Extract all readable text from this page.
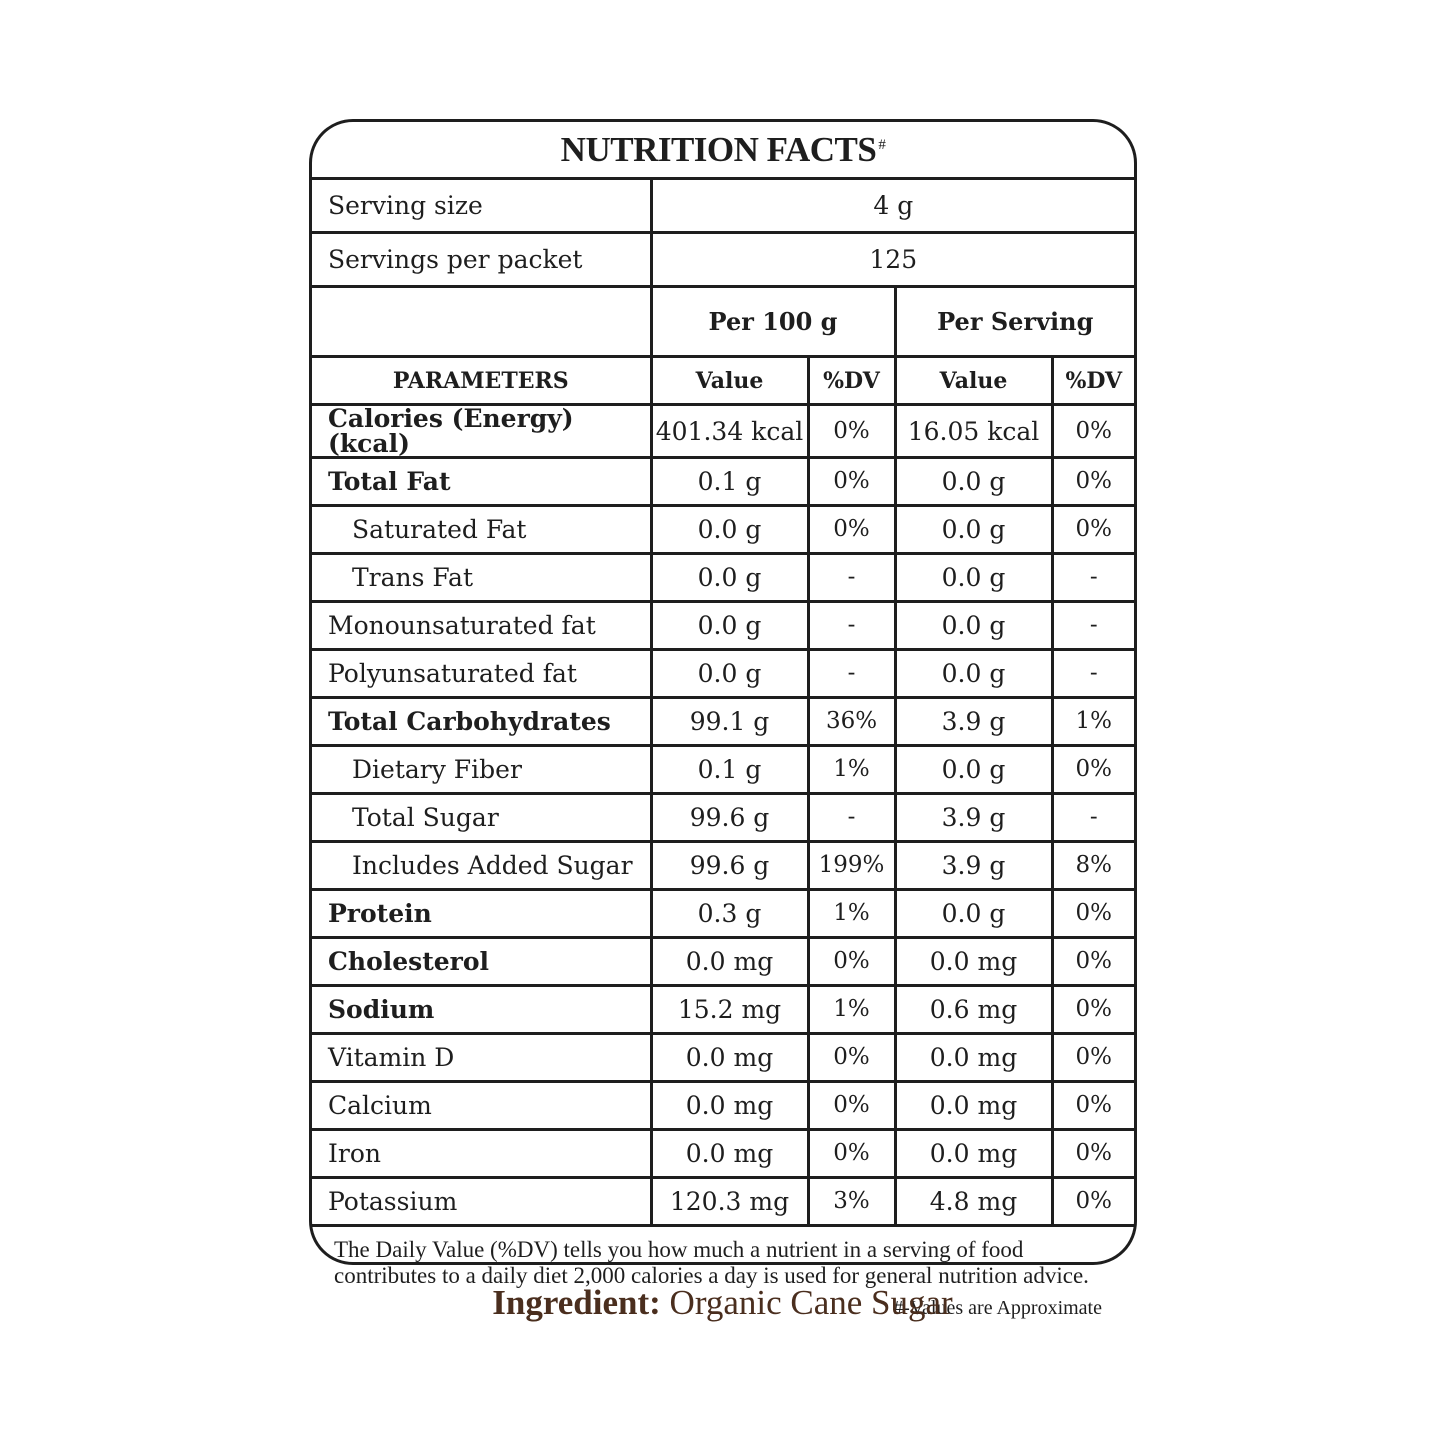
NUTRITION FACTS#
Serving size	4 g			
Servings per packet	125			
	Per 100 g		Per Serving	
PARAMETERS	Value	%DV	Value	%DV
Calories (Energy) (kcal)	401.34 kcal	0%	16.05 kcal	0%
Total Fat	0.1 g	0%	0.0 g	0%
Saturated Fat	0.0 g	0%	0.0 g	0%
Trans Fat	0.0 g	-	0.0 g	-
Monounsaturated fat	0.0 g	-	0.0 g	-
Polyunsaturated fat	0.0 g	-	0.0 g	-
Total Carbohydrates	99.1 g	36%	3.9 g	1%
Dietary Fiber	0.1 g	1%	0.0 g	0%
Total Sugar	99.6 g	-	3.9 g	-
Includes Added Sugar	99.6 g	199%	3.9 g	8%
Protein	0.3 g	1%	0.0 g	0%
Cholesterol	0.0 mg	0%	0.0 mg	0%
Sodium	15.2 mg	1%	0.6 mg	0%
Vitamin D	0.0 mg	0%	0.0 mg	0%
Calcium	0.0 mg	0%	0.0 mg	0%
Iron	0.0 mg	0%	0.0 mg	0%
Potassium	120.3 mg	3%	4.8 mg	0%
The Daily Value (%DV) tells you how much a nutrient in a serving of food contributes to a daily diet 2,000 calories a day is used for general nutrition advice.
#-Values are Approximate
Ingredient: Organic Cane Sugar
